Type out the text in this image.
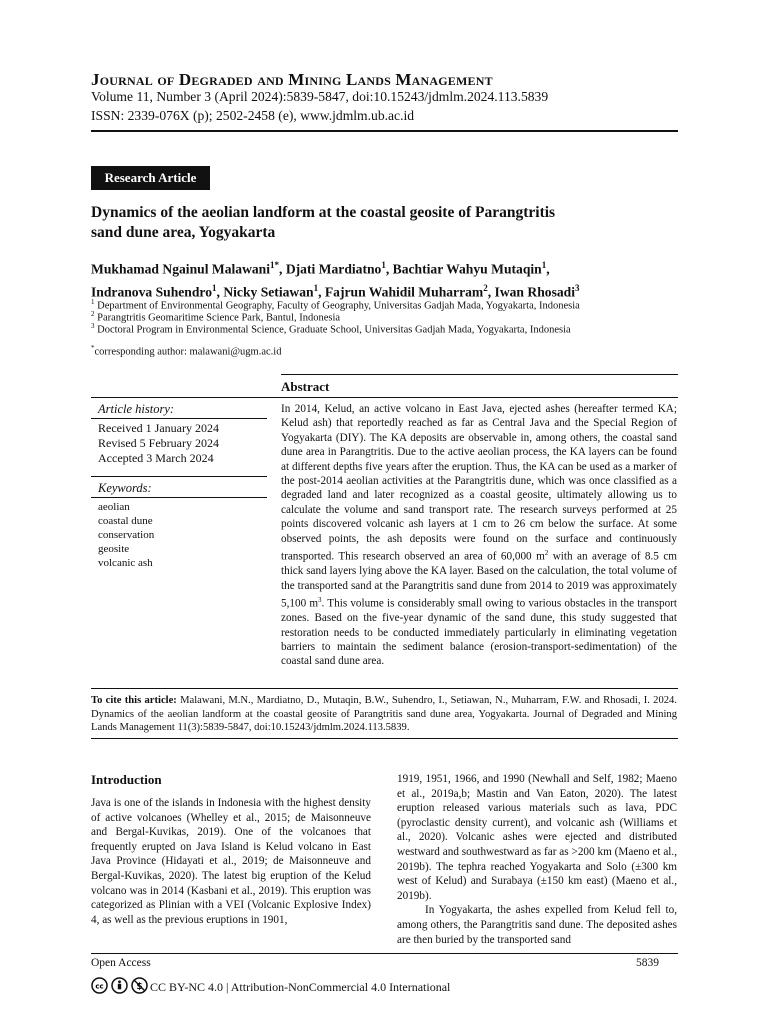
Journal of Degraded and Mining Lands Management
Volume 11, Number 3 (April 2024):5839-5847, doi:10.15243/jdmlm.2024.113.5839
ISSN: 2339-076X (p); 2502-2458 (e), www.jdmlm.ub.ac.id
Research Article
Dynamics of the aeolian landform at the coastal geosite of Parangtritis
sand dune area, Yogyakarta
Mukhamad Ngainul Malawani$^{1*}$, Djati Mardiatno$^1$, Bachtiar Wahyu Mutaqin$^1$,
Indranova Suhendro$^1$, Nicky Setiawan$^1$, Fajrun Wahidil Muharram$^2$, Iwan Rhosadi$^3$
$^1$ Department of Environmental Geography, Faculty of Geography, Universitas Gadjah Mada, Yogyakarta, Indonesia
$^2$ Parangtritis Geomaritime Science Park, Bantul, Indonesia
$^3$ Doctoral Program in Environmental Science, Graduate School, Universitas Gadjah Mada, Yogyakarta, Indonesia
*corresponding author: malawani@ugm.ac.id
Abstract
Article history:
Received 1 January 2024
Revised 5 February 2024
Accepted 3 March 2024
Keywords:
aeolian
coastal dune
conservation
geosite
volcanic ash
In 2014, Kelud, an active volcano in East Java, ejected ashes (hereafter termed KA; Kelud ash) that reportedly reached as far as Central Java and the Special Region of Yogyakarta (DIY). The KA deposits are observable in, among others, the coastal sand dune area in Parangtritis. Due to the active aeolian process, the KA layers can be found at different depths five years after the eruption. Thus, the KA can be used as a marker of the post-2014 aeolian activities at the Parangtritis dune, which was once classified as a degraded land and later recognized as a coastal geosite, ultimately allowing us to calculate the volume and sand transport rate. The research surveys performed at 25 points discovered volcanic ash layers at 1 cm to 26 cm below the surface. At some observed points, the ash deposits were found on the surface and continuously transported. This research observed an area of 60,000 $m^2$ with an average of 8.5 cm thick sand layers lying above the KA layer. Based on the calculation, the total volume of the transported sand at the Parangtritis sand dune from 2014 to 2019 was approximately 5,100 $m^3$. This volume is considerably small owing to various obstacles in the transport zones. Based on the five-year dynamic of the sand dune, this study suggested that restoration needs to be conducted immediately particularly in eliminating vegetation barriers to maintain the sediment balance (erosion-transport-sedimentation) of the coastal sand dune area.
To cite this article: Malawani, M.N., Mardiatno, D., Mutaqin, B.W., Suhendro, I., Setiawan, N., Muharram, F.W. and Rhosadi, I. 2024. Dynamics of the aeolian landform at the coastal geosite of Parangtritis sand dune area, Yogyakarta. Journal of Degraded and Mining Lands Management 11(3):5839-5847, doi:10.15243/jdmlm.2024.113.5839.
Introduction
Java is one of the islands in Indonesia with the highest density of active volcanoes (Whelley et al., 2015; de Maisonneuve and Bergal-Kuvikas, 2019). One of the volcanoes that frequently erupted on Java Island is Kelud volcano in East Java Province (Hidayati et al., 2019; de Maisonneuve and Bergal-Kuvikas, 2020). The latest big eruption of the Kelud volcano was in 2014 (Kasbani et al., 2019). This eruption was categorized as Plinian with a VEI (Volcanic Explosive Index) 4, as well as the previous eruptions in 1901,
1919, 1951, 1966, and 1990 (Newhall and Self, 1982; Maeno et al., 2019a,b; Mastin and Van Eaton, 2020). The latest eruption released various materials such as lava, PDC (pyroclastic density current), and volcanic ash (Williams et al., 2020). Volcanic ashes were ejected and distributed westward and southwestward as far as >200 km (Maeno et al., 2019b). The tephra reached Yogyakarta and Solo (±300 km west of Kelud) and Surabaya (±150 km east) (Maeno et al., 2019b).
In Yogyakarta, the ashes expelled from Kelud fell to, among others, the Parangtritis sand dune. The deposited ashes are then buried by the transported sand
Open Access	5839
cc	$ CC BY-NC 4.0 | Attribution-NonCommercial 4.0 International
